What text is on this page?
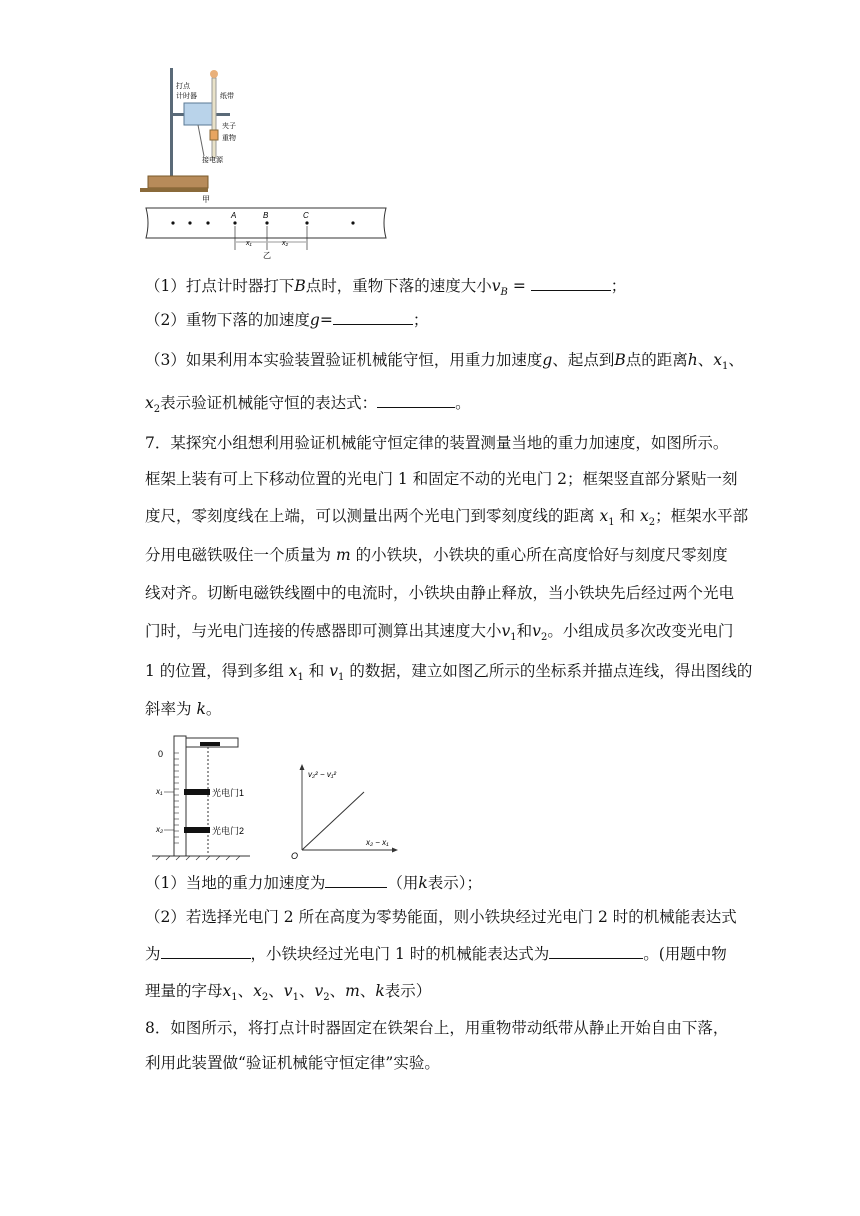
打点
计时器	纸带
夹子
重物
接电源
甲
A	B	C
x₁	x₂
乙
（1）打点计时器打下B点时，重物下落的速度大小$v_B$ =	；
（2）重物下落的加速度g=	；
（3）如果利用本实验装置验证机械能守恒，用重力加速度g、起点到B点的距离h、$x_1$、
$x_2$表示验证机械能守恒的表达式：	。
7．某探究小组想利用验证机械能守恒定律的装置测量当地的重力加速度，如图所示。
框架上装有可上下移动位置的光电门 1 和固定不动的光电门 2；框架竖直部分紧贴一刻
度尺，零刻度线在上端，可以测量出两个光电门到零刻度线的距离 $x_1$ 和 $x_2$；框架水平部
分用电磁铁吸住一个质量为 m 的小铁块，小铁块的重心所在高度恰好与刻度尺零刻度
线对齐。切断电磁铁线圈中的电流时，小铁块由静止释放，当小铁块先后经过两个光电
门时，与光电门连接的传感器即可测算出其速度大小$v_1$和$v_2$。小组成员多次改变光电门
1 的位置，得到多组 $x_1$ 和 $v_1$ 的数据，建立如图乙所示的坐标系并描点连线，得出图线的
斜率为 k。
0
x₁
x₂
光电门1
光电门2
v₂² − v₁²
x₂ − x₁
O
（1）当地的重力加速度为	（用k表示）；
（2）若选择光电门 2 所在高度为零势能面，则小铁块经过光电门 2 时的机械能表达式
为	，小铁块经过光电门 1 时的机械能表达式为	。(用题中物
理量的字母$x_1$、$x_2$、$v_1$、$v_2$、m、k表示）
8．如图所示，将打点计时器固定在铁架台上，用重物带动纸带从静止开始自由下落，
利用此装置做“验证机械能守恒定律”实验。
